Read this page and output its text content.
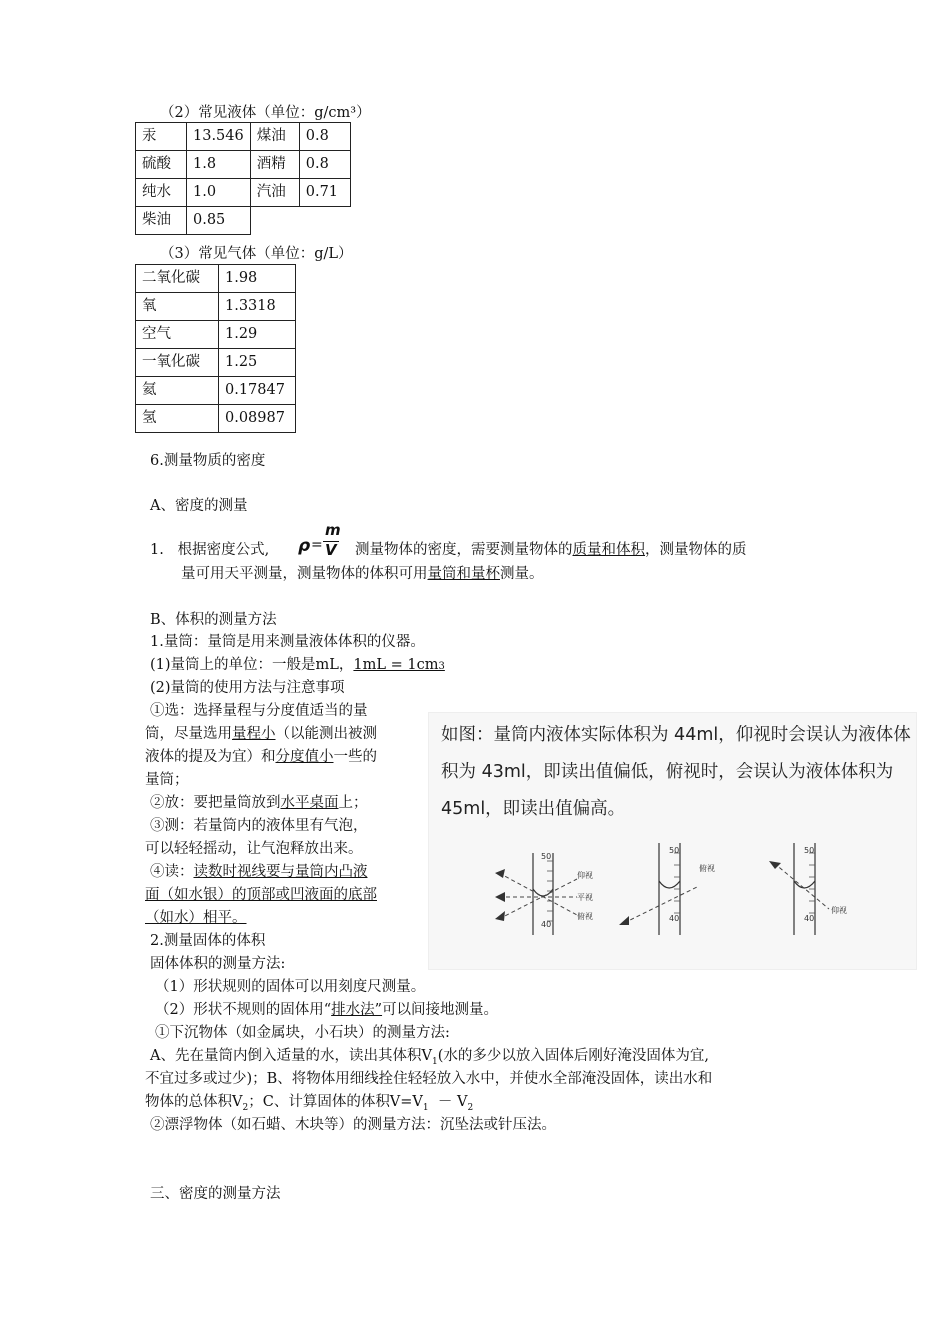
（2）常见液体（单位：g/cm³）
汞	13.546	煤油	0.8
硫酸	1.8	酒精	0.8
纯水	1.0	汽油	0.71
柴油	0.85		
（3）常见气体（单位：g/L）
二氧化碳	1.98
氧	1.3318
空气	1.29
一氧化碳	1.25
氦	0.17847
氢	0.08987
6.测量物质的密度
A、密度的测量
1. 根据密度公式, ρ =
m
V 测量物体的密度，需要测量物体的质量和体积，测量物体的质
量可用天平测量，测量物体的体积可用量筒和量杯测量。
B、体积的测量方法
1.量筒：量筒是用来测量液体体积的仪器。
(1)量筒上的单位：一般是mL，1mL = 1cm3
(2)量筒的使用方法与注意事项
①选：选择量程与分度值适当的量
筒，尽量选用量程小（以能测出被测
液体的提及为宜）和分度值小一些的
量筒；
②放：要把量筒放到水平桌面上；
③测：若量筒内的液体里有气泡，
可以轻轻摇动，让气泡释放出来。
④读：读数时视线要与量筒内凸液
面（如水银）的顶部或凹液面的底部
（如水）相平。
如图：量筒内液体实际体积为 44ml，仰视时会误认为液体体积为 43ml，即读出值偏低，俯视时，会误认为液体体积为 45ml，即读出值偏高。
50
40
50
40
50
40
仰视
平视
俯视
俯视
仰视
2.测量固体的体积
固体体积的测量方法:
（1）形状规则的固体可以用刻度尺测量。
（2）形状不规则的固体用“排水法”可以间接地测量。
①下沉物体（如金属块，小石块）的测量方法:
A、先在量筒内倒入适量的水，读出其体积$V_1$(水的多少以放入固体后刚好淹没固体为宜,
不宜过多或过少)；B、将物体用细线拴住轻轻放入水中，并使水全部淹没固体，读出水和
物体的总体积$V_2$；C、计算固体的体积$V=V_1 - V_2$
②漂浮物体（如石蜡、木块等）的测量方法：沉坠法或针压法。
三、密度的测量方法
